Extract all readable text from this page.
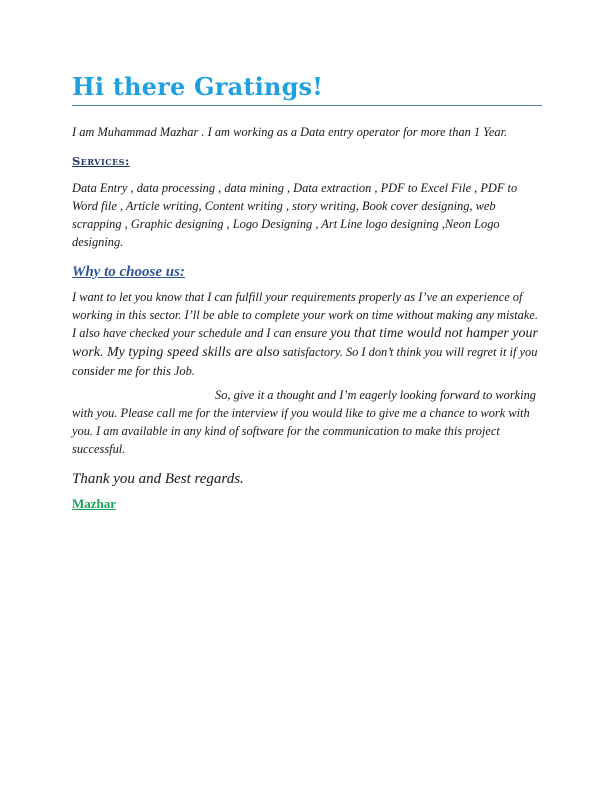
Hi there Gratings!

I am Muhammad Mazhar . I am working as a Data entry operator for more than 1 Year.

Services:

Data Entry , data processing , data mining , Data extraction , PDF to Excel File , PDF to Word file , Article writing, Content writing , story writing, Book cover designing, web scrapping , Graphic designing , Logo Designing , Art Line logo designing ,Neon Logo designing.

Why to choose us:

I want to let you know that I can fulfill your requirements properly as I’ve an experience of working in this sector. I’ll be able to complete your work on time without making any mistake. I also have checked your schedule and I can ensure you that time would not hamper your work. My typing speed skills are also satisfactory. So I don’t think you will regret it if you consider me for this Job.

So, give it a thought and I’m eagerly looking forward to working with you. Please call me for the interview if you would like to give me a chance to work with you. I am available in any kind of software for the communication to make this project successful.

Thank you and Best regards.

Mazhar
